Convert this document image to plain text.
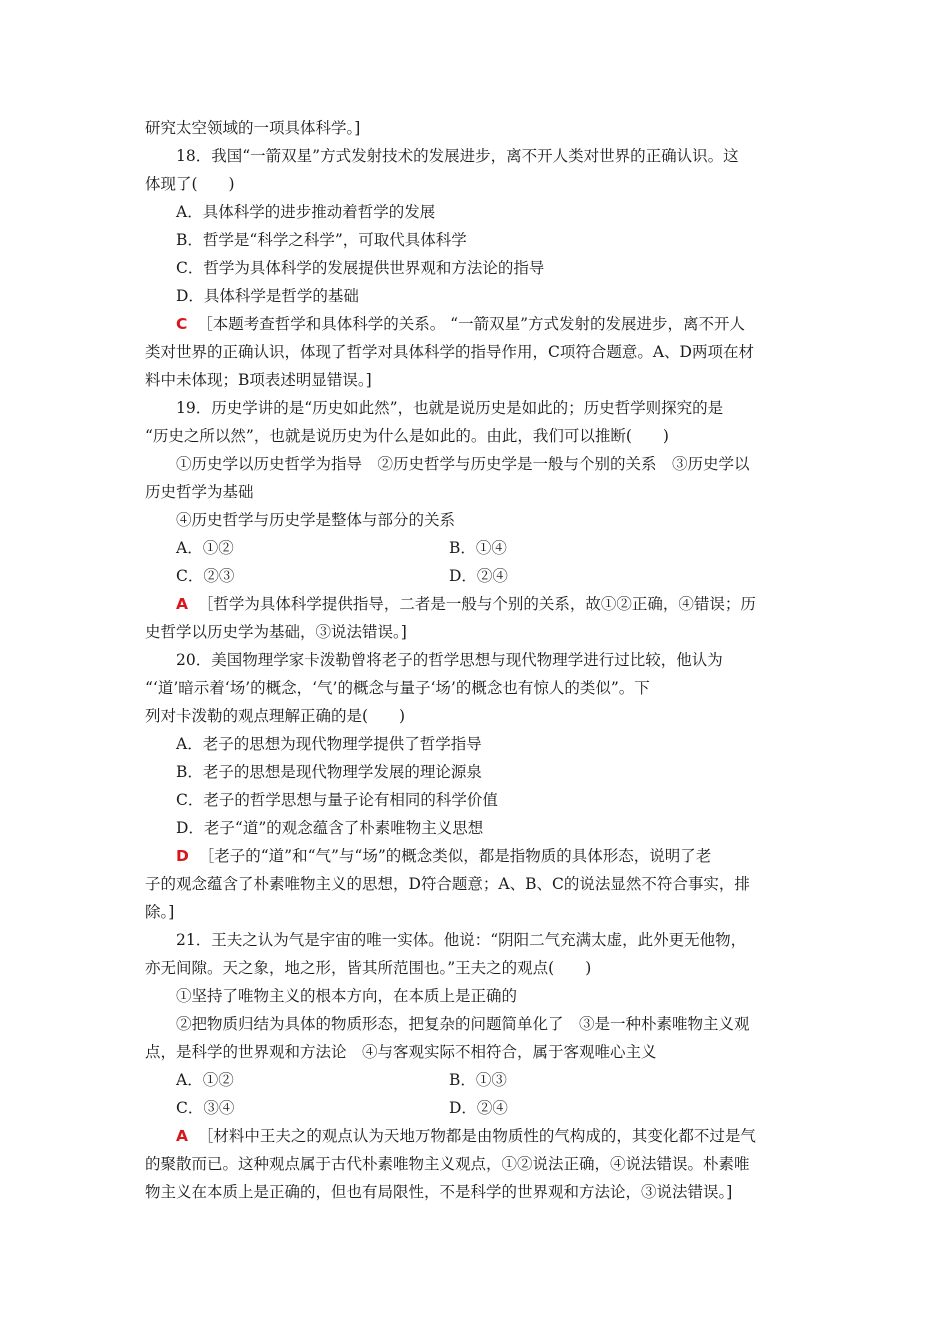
研究太空领域的一项具体科学。]

18．我国“一箭双星”方式发射技术的发展进步，离不开人类对世界的正确认识。这

体现了(　　)

A．具体科学的进步推动着哲学的发展

B．哲学是“科学之科学”，可取代具体科学

C．哲学为具体科学的发展提供世界观和方法论的指导

D．具体科学是哲学的基础

C ［本题考查哲学和具体科学的关系。 “一箭双星”方式发射的发展进步，离不开人

类对世界的正确认识，体现了哲学对具体科学的指导作用，C项符合题意。A、D两项在材

料中未体现；B项表述明显错误。]

19．历史学讲的是“历史如此然”，也就是说历史是如此的；历史哲学则探究的是

“历史之所以然”，也就是说历史为什么是如此的。由此，我们可以推断(　　)

①历史学以历史哲学为指导　②历史哲学与历史学是一般与个别的关系　③历史学以

历史哲学为基础

④历史哲学与历史学是整体与部分的关系

A．①②	B．①④
C．②③	D．②④

A ［哲学为具体科学提供指导，二者是一般与个别的关系，故①②正确，④错误；历

史哲学以历史学为基础，③说法错误。]

20．美国物理学家卡泼勒曾将老子的哲学思想与现代物理学进行过比较，他认为

“‘道’暗示着‘场’的概念，‘气’的概念与量子‘场’的概念也有惊人的类似”。下

列对卡泼勒的观点理解正确的是(　　)

A．老子的思想为现代物理学提供了哲学指导

B．老子的思想是现代物理学发展的理论源泉

C．老子的哲学思想与量子论有相同的科学价值

D．老子“道”的观念蕴含了朴素唯物主义思想

D ［老子的“道”和“气”与“场”的概念类似，都是指物质的具体形态，说明了老

子的观念蕴含了朴素唯物主义的思想，D符合题意；A、B、C的说法显然不符合事实，排

除。]

21．王夫之认为气是宇宙的唯一实体。他说：“阴阳二气充满太虚，此外更无他物，

亦无间隙。天之象，地之形，皆其所范围也。”王夫之的观点(　　)

①坚持了唯物主义的根本方向，在本质上是正确的

②把物质归结为具体的物质形态，把复杂的问题简单化了　③是一种朴素唯物主义观

点，是科学的世界观和方法论　④与客观实际不相符合，属于客观唯心主义

A．①②	B．①③
C．③④	D．②④

A ［材料中王夫之的观点认为天地万物都是由物质性的气构成的，其变化都不过是气

的聚散而已。这种观点属于古代朴素唯物主义观点，①②说法正确，④说法错误。朴素唯

物主义在本质上是正确的，但也有局限性，不是科学的世界观和方法论，③说法错误。]
